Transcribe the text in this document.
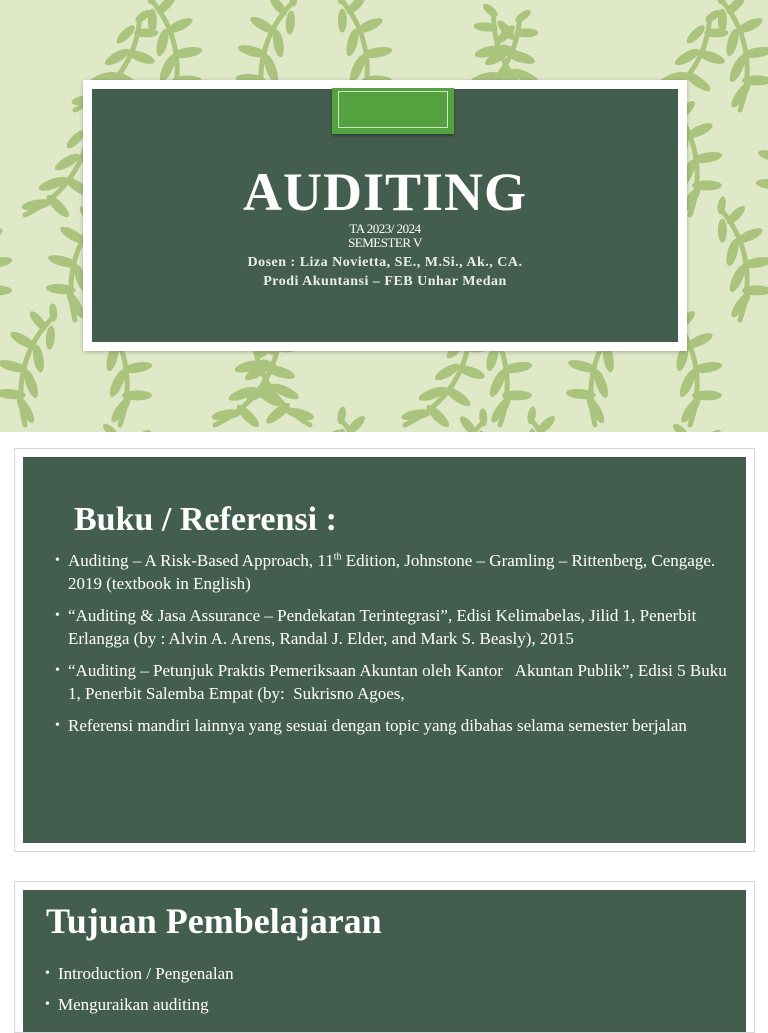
AUDITING
TA 2023/ 2024
SEMESTER V
Dosen : Liza Novietta, SE., M.Si., Ak., CA.
Prodi Akuntansi – FEB Unhar Medan
Buku / Referensi :
• Auditing – A Risk-Based Approach, 11th Edition, Johnstone – Gramling – Rittenberg, Cengage. 2019 (textbook in English)
• “Auditing & Jasa Assurance – Pendekatan Terintegrasi”, Edisi Kelimabelas, Jilid 1, Penerbit Erlangga (by : Alvin A. Arens, Randal J. Elder, and Mark S. Beasly), 2015
• “Auditing – Petunjuk Praktis Pemeriksaan Akuntan oleh Kantor   Akuntan Publik”, Edisi 5 Buku 1, Penerbit Salemba Empat (by:  Sukrisno Agoes,
• Referensi mandiri lainnya yang sesuai dengan topic yang dibahas selama semester berjalan
Tujuan Pembelajaran
• Introduction / Pengenalan
• Menguraikan auditing
